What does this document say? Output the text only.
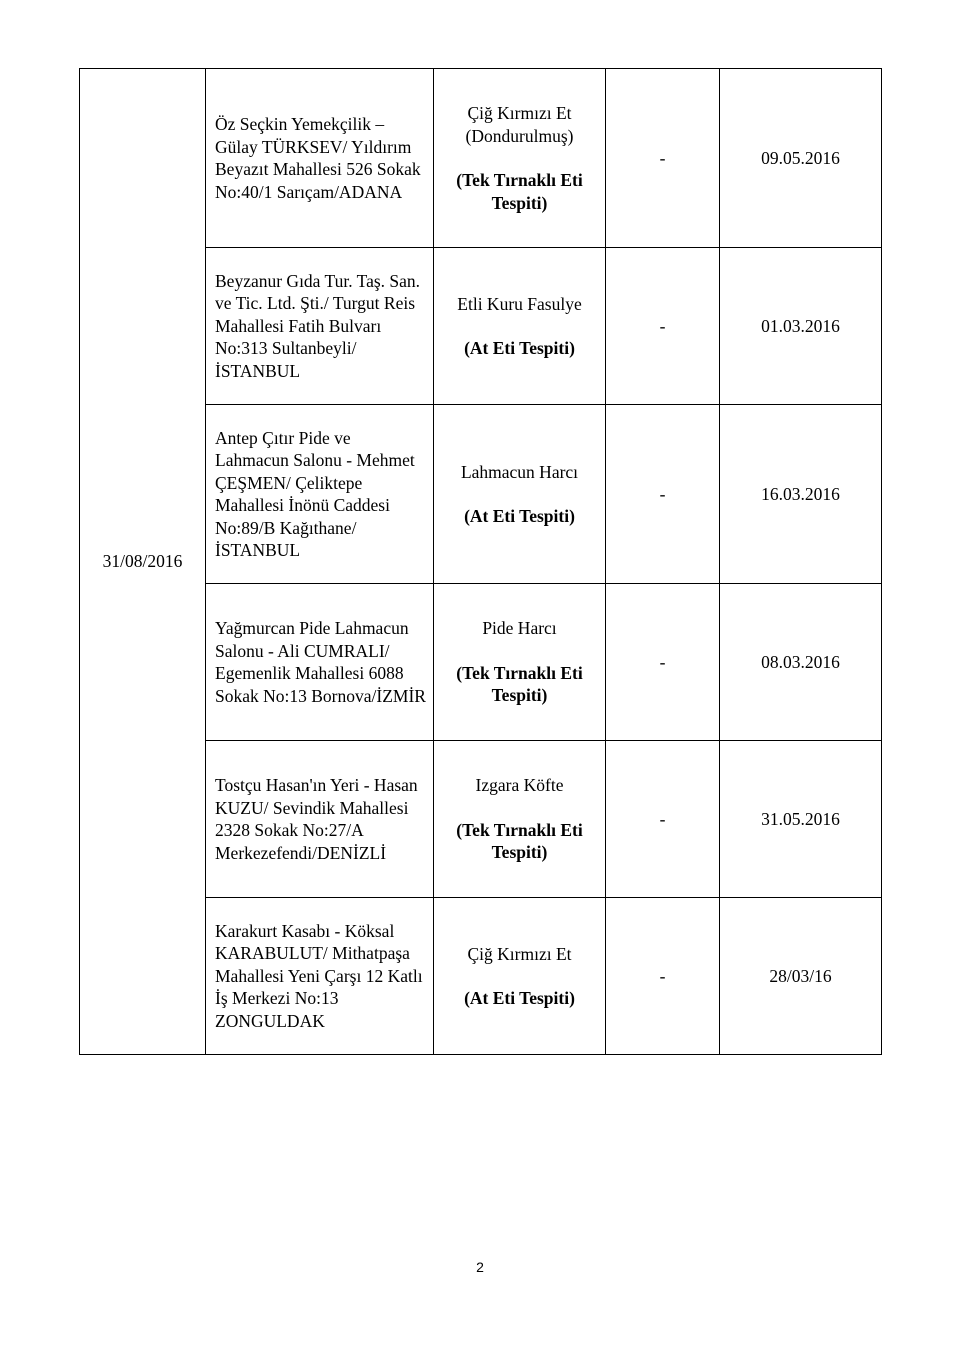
31/08/2016	Öz Seçkin Yemekçilik – Gülay TÜRKSEV/ Yıldırım Beyazıt Mahallesi 526 Sokak No:40/1 Sarıçam/ADANA	Çiğ Kırmızı Et (Dondurulmuş)
(Tek Tırnaklı Eti Tespiti)	-	09.05.2016
	Beyzanur Gıda Tur. Taş. San. ve Tic. Ltd. Şti./ Turgut Reis Mahallesi Fatih Bulvarı No:313 Sultanbeyli/İSTANBUL	Etli Kuru Fasulye
(At Eti Tespiti)	-	01.03.2016
	Antep Çıtır Pide ve Lahmacun Salonu - Mehmet ÇEŞMEN/ Çeliktepe Mahallesi İnönü Caddesi No:89/B Kağıthane/İSTANBUL	Lahmacun Harcı
(At Eti Tespiti)	-	16.03.2016
	Yağmurcan Pide Lahmacun Salonu - Ali CUMRALI/ Egemenlik Mahallesi 6088 Sokak No:13 Bornova/İZMİR	Pide Harcı
(Tek Tırnaklı Eti Tespiti)	-	08.03.2016
	Tostçu Hasan'ın Yeri - Hasan KUZU/ Sevindik Mahallesi 2328 Sokak No:27/A Merkezefendi/DENİZLİ	Izgara Köfte
(Tek Tırnaklı Eti Tespiti)	-	31.05.2016
	Karakurt Kasabı - Köksal KARABULUT/ Mithatpaşa Mahallesi Yeni Çarşı 12 Katlı İş Merkezi No:13 ZONGULDAK	Çiğ Kırmızı Et
(At Eti Tespiti)	-	28/03/16
2
